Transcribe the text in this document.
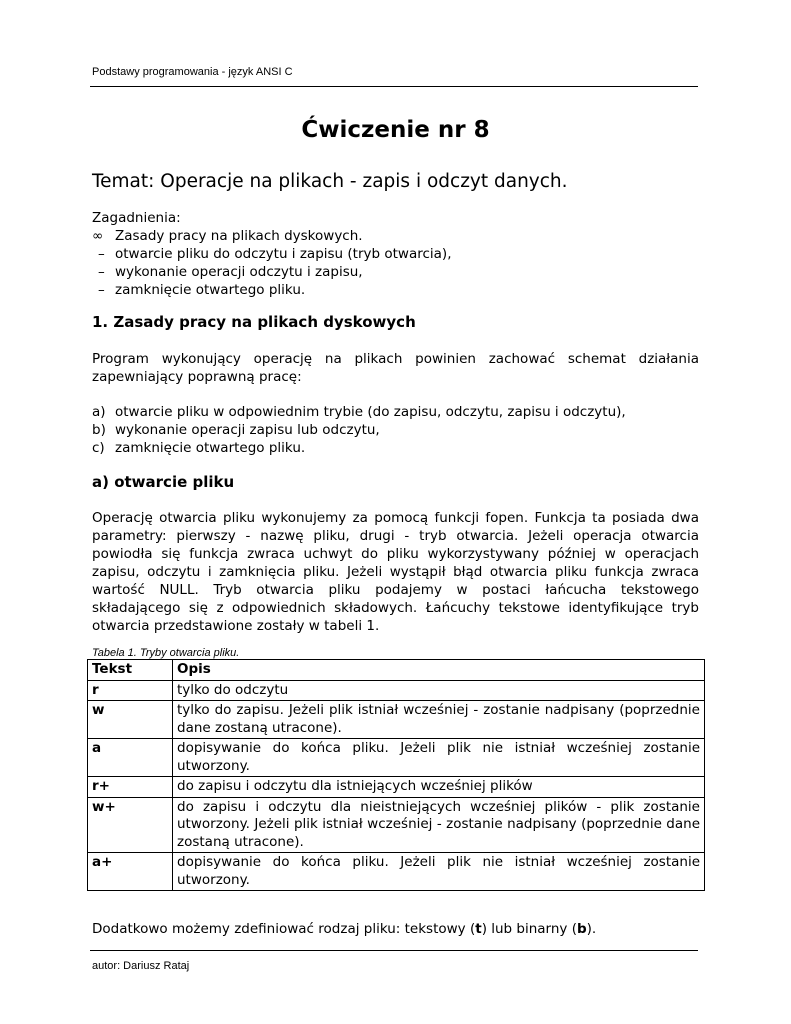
Podstawy programowania - język ANSI C
Ćwiczenie nr 8
Temat: Operacje na plikach - zapis i odczyt danych.
Zagadnienia:
∞ Zasady pracy na plikach dyskowych.
– otwarcie pliku do odczytu i zapisu (tryb otwarcia),
– wykonanie operacji odczytu i zapisu,
– zamknięcie otwartego pliku.
1. Zasady pracy na plikach dyskowych
Program wykonujący operację na plikach powinien zachować schemat działania zapewniający poprawną pracę:
a) otwarcie pliku w odpowiednim trybie (do zapisu, odczytu, zapisu i odczytu),
b) wykonanie operacji zapisu lub odczytu,
c) zamknięcie otwartego pliku.
a) otwarcie pliku
Operację otwarcia pliku wykonujemy za pomocą funkcji fopen. Funkcja ta posiada dwa parametry: pierwszy - nazwę pliku, drugi - tryb otwarcia. Jeżeli operacja otwarcia powiodła się funkcja zwraca uchwyt do pliku wykorzystywany później w operacjach zapisu, odczytu i zamknięcia pliku. Jeżeli wystąpił błąd otwarcia pliku funkcja zwraca wartość NULL. Tryb otwarcia pliku podajemy w postaci łańcucha tekstowego składającego się z odpowiednich składowych. Łańcuchy tekstowe identyfikujące tryb otwarcia przedstawione zostały w tabeli 1.
Tabela 1. Tryby otwarcia pliku.
Tekst	Opis
r	tylko do odczytu
w	tylko do zapisu. Jeżeli plik istniał wcześniej - zostanie nadpisany (poprzednie dane zostaną utracone).
a	dopisywanie do końca pliku. Jeżeli plik nie istniał wcześniej zostanie utworzony.
r+	do zapisu i odczytu dla istniejących wcześniej plików
w+	do zapisu i odczytu dla nieistniejących wcześniej plików - plik zostanie utworzony. Jeżeli plik istniał wcześniej - zostanie nadpisany (poprzednie dane zostaną utracone).
a+	dopisywanie do końca pliku. Jeżeli plik nie istniał wcześniej zostanie utworzony.
Dodatkowo możemy zdefiniować rodzaj pliku: tekstowy (t) lub binarny (b).
autor: Dariusz Rataj
